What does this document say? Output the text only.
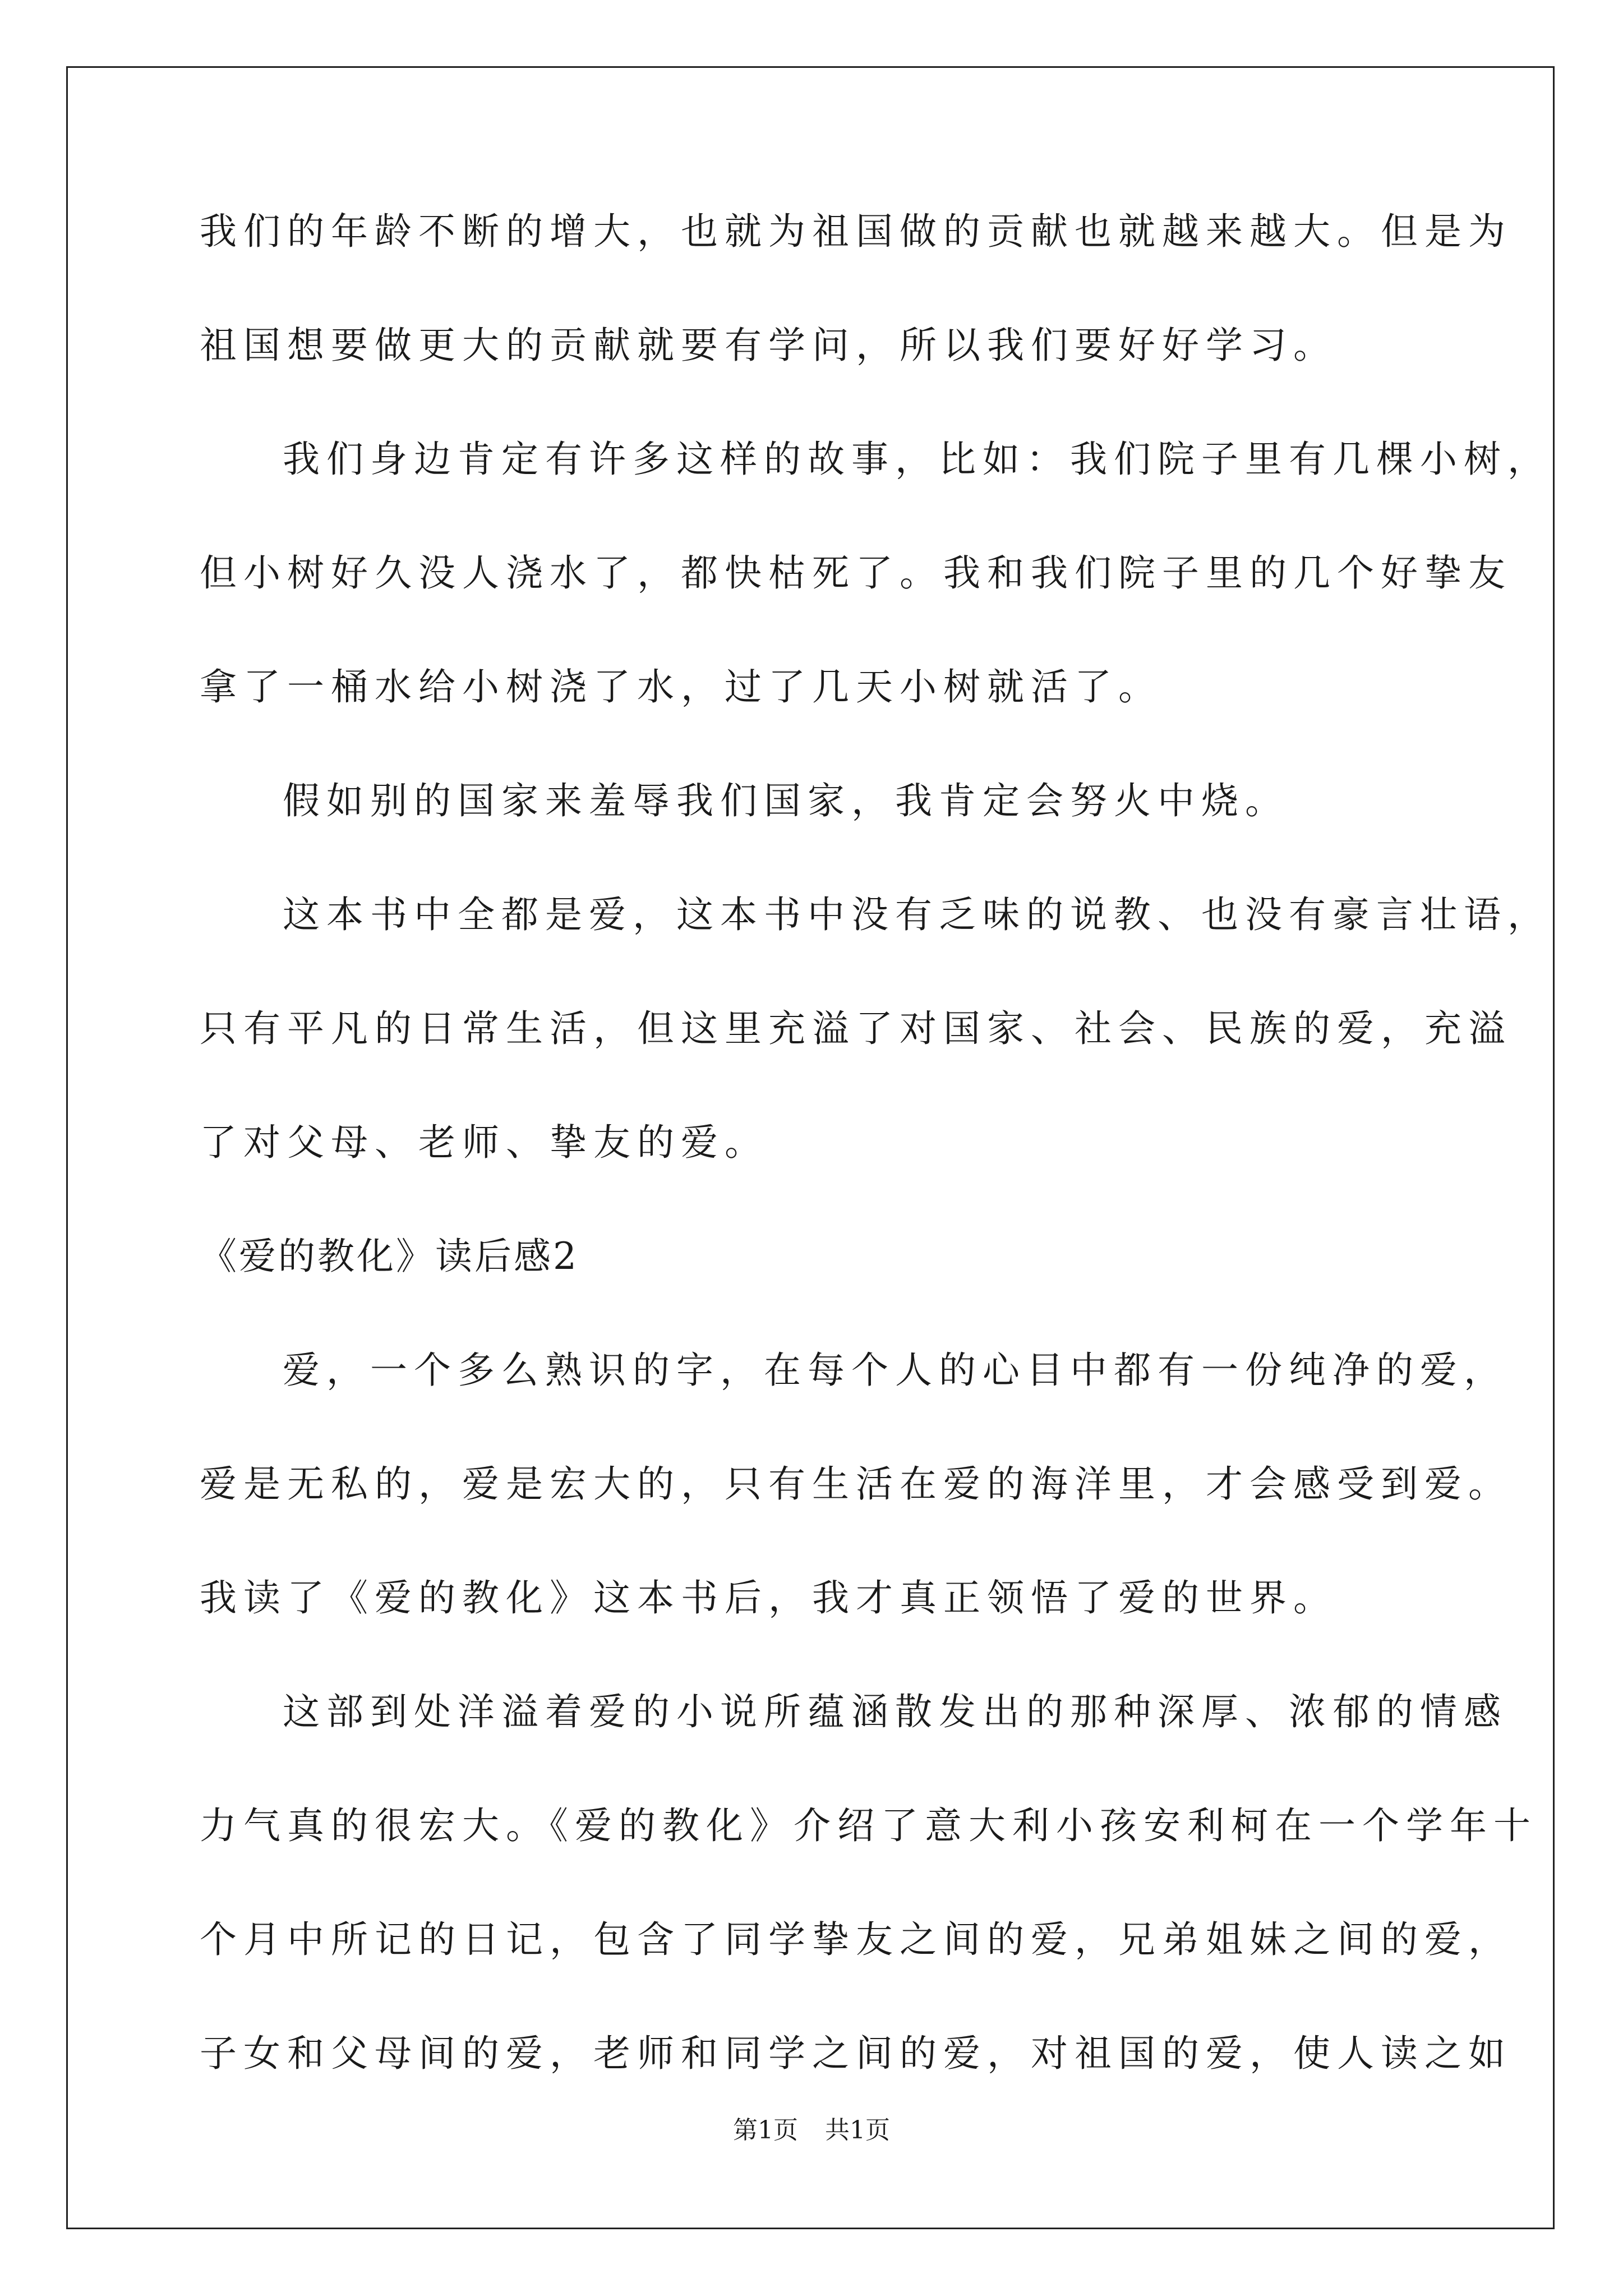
我们的年龄不断的增大，也就为祖国做的贡献也就越来越大。但是为

祖国想要做更大的贡献就要有学问，所以我们要好好学习。

我们身边肯定有许多这样的故事，比如：我们院子里有几棵小树，

但小树好久没人浇水了，都快枯死了。我和我们院子里的几个好挚友

拿了一桶水给小树浇了水，过了几天小树就活了。

假如别的国家来羞辱我们国家，我肯定会努火中烧。

这本书中全都是爱，这本书中没有乏味的说教、也没有豪言壮语，

只有平凡的日常生活，但这里充溢了对国家、社会、民族的爱，充溢

了对父母、老师、挚友的爱。

《爱的教化》读后感2

爱，一个多么熟识的字，在每个人的心目中都有一份纯净的爱，

爱是无私的，爱是宏大的，只有生活在爱的海洋里，才会感受到爱。

我读了《爱的教化》这本书后，我才真正领悟了爱的世界。

这部到处洋溢着爱的小说所蕴涵散发出的那种深厚、浓郁的情感

力气真的很宏大。《爱的教化》介绍了意大利小孩安利柯在一个学年十

个月中所记的日记，包含了同学挚友之间的爱，兄弟姐妹之间的爱，

子女和父母间的爱，老师和同学之间的爱，对祖国的爱，使人读之如

第1页 共1页
